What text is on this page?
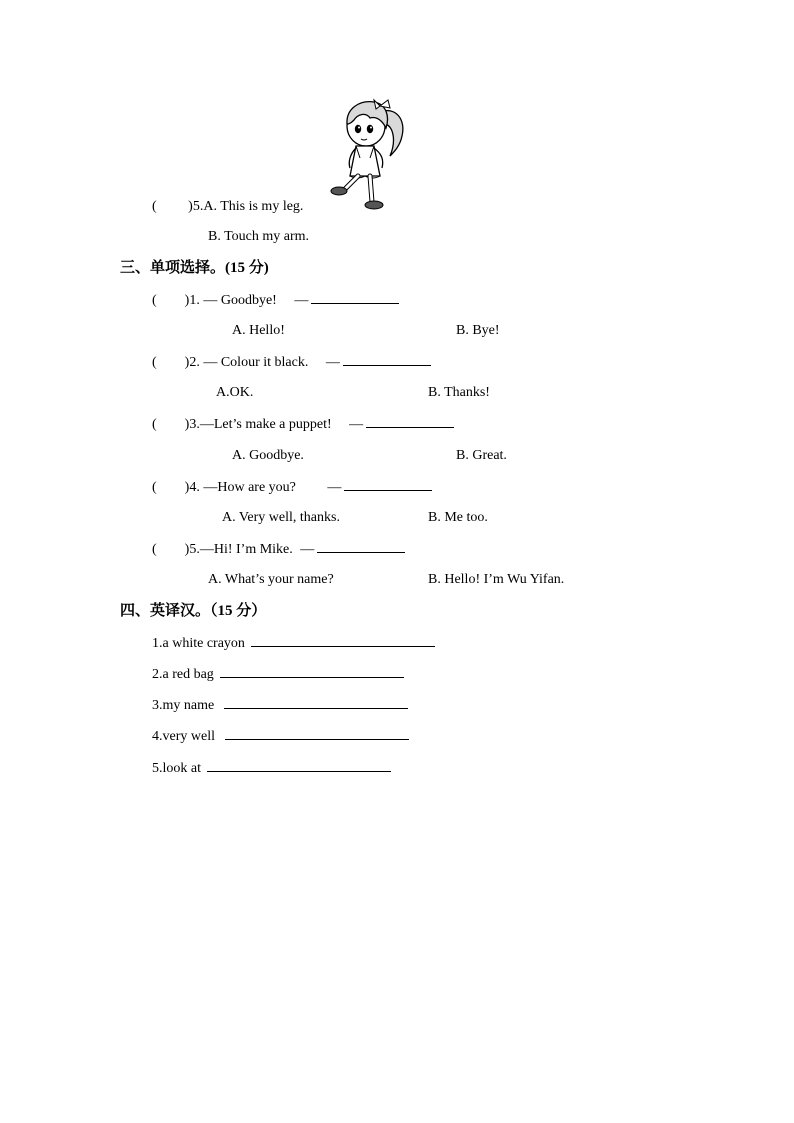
( )5.A. This is my leg.
B. Touch my arm.
三、单项选择。(15 分)
( )1. — Goodbye! —
A. Hello!	B. Bye!
( )2. — Colour it black. —
A.OK.	B. Thanks!
( )3.—Let’s make a puppet! —
A. Goodbye.	B. Great.
( )4. —How are you? —
A. Very well, thanks.	B. Me too.
( )5.—Hi! I’m Mike. —
A. What’s your name?	B. Hello! I’m Wu Yifan.
四、英译汉。（15 分）
1.a white crayon
2.a red bag
3.my name
4.very well
5.look at
